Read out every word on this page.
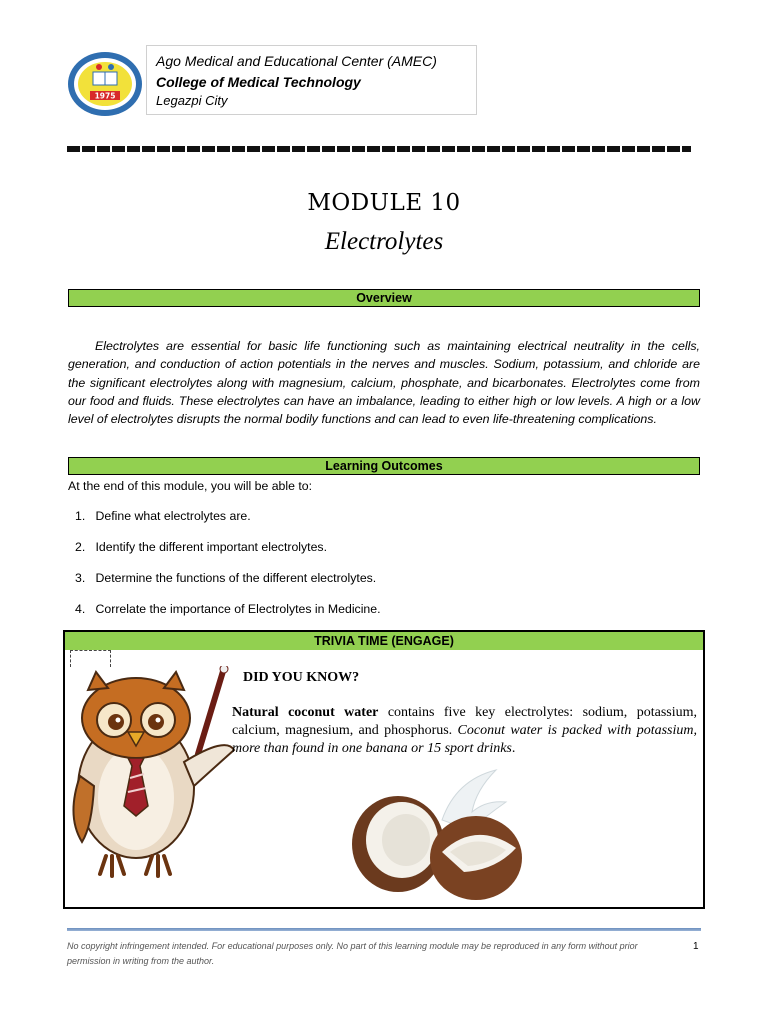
1975
Ago Medical and Educational Center (AMEC)
College of Medical Technology
Legazpi City
MODULE 10
Electrolytes
Overview
Electrolytes are essential for basic life functioning such as maintaining electrical neutrality in the cells, generation, and conduction of action potentials in the nerves and muscles. Sodium, potassium, and chloride are the significant electrolytes along with magnesium, calcium, phosphate, and bicarbonates. Electrolytes come from our food and fluids. These electrolytes can have an imbalance, leading to either high or low levels. A high or a low level of electrolytes disrupts the normal bodily functions and can lead to even life-threatening complications.
Learning Outcomes
At the end of this module, you will be able to:
1. Define what electrolytes are.
2. Identify the different important electrolytes.
3. Determine the functions of the different electrolytes.
4. Correlate the importance of Electrolytes in Medicine.
TRIVIA TIME (ENGAGE)
DID YOU KNOW?
Natural coconut water contains five key electrolytes: sodium, potassium, calcium, magnesium, and phosphorus. Coconut water is packed with potassium, more than found in one banana or 15 sport drinks.
No copyright infringement intended. For educational purposes only. No part of this learning module may be reproduced in any form without prior permission in writing from the author.
1
